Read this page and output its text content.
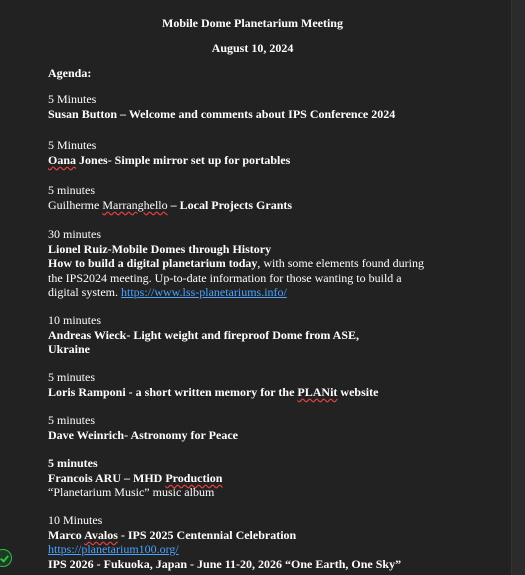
Mobile Dome Planetarium Meeting
August 10, 2024
Agenda:
5 Minutes
Susan Button – Welcome and comments about IPS Conference 2024
5 Minutes
Oana Jones- Simple mirror set up for portables
5 minutes
Guilherme Marranghello – Local Projects Grants
30 minutes
Lionel Ruiz-Mobile Domes through History
How to build a digital planetarium today, with some elements found during
the IPS2024 meeting. Up-to-date information for those wanting to build a
digital system. https://www.lss-planetariums.info/
10 minutes
Andreas Wieck- Light weight and fireproof Dome from ASE,
Ukraine
5 minutes
Loris Ramponi - a short written memory for the PLANit website
5 minutes
Dave Weinrich- Astronomy for Peace
5 minutes
Francois ARU – MHD Production
“Planetarium Music” music album
10 Minutes
Marco Avalos - IPS 2025 Centennial Celebration
https://planetarium100.org/
IPS 2026 - Fukuoka, Japan - June 11-20, 2026 “One Earth, One Sky”
